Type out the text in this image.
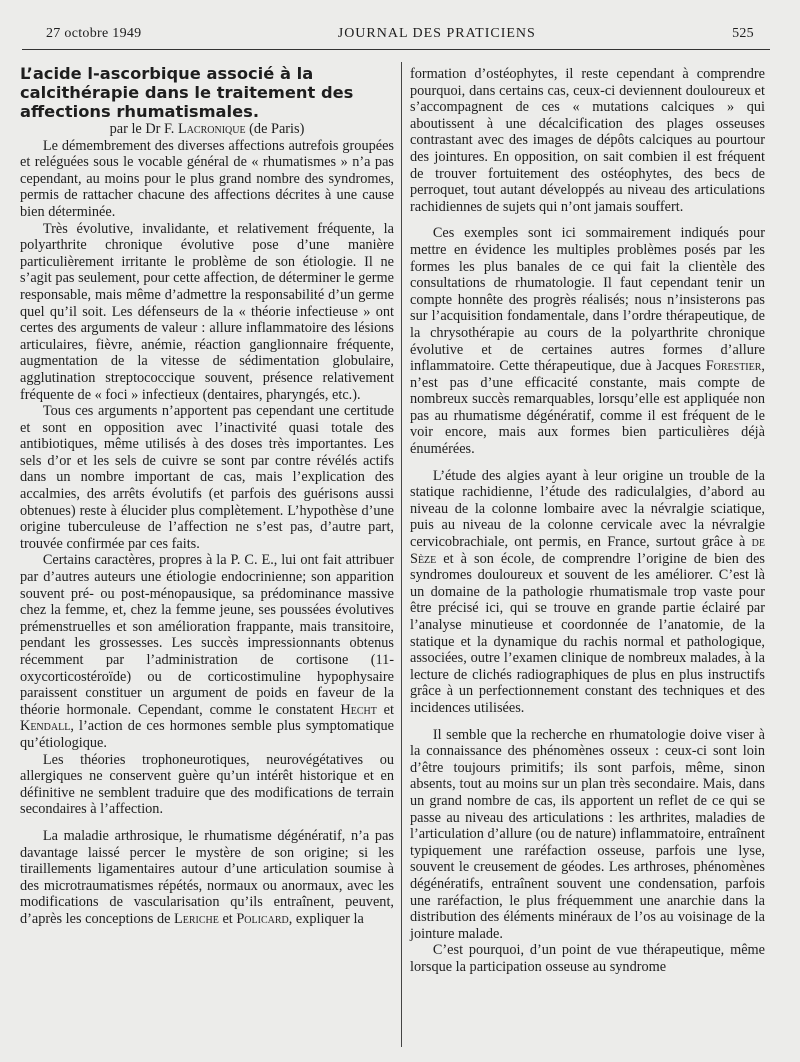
27 octobre 1949	JOURNAL DES PRATICIENS	525

L’acide l-ascorbique associé à la calcithérapie dans le traitement des affections rhumatismales.

par le Dr F. Lacronique (de Paris)

Le démembrement des diverses affections autrefois groupées et reléguées sous le vocable général de « rhumatismes » n’a pas cependant, au moins pour le plus grand nombre des syndromes, permis de rattacher chacune des affections décrites à une cause bien déterminée.

Très évolutive, invalidante, et relativement fréquente, la polyarthrite chronique évolutive pose d’une manière particulièrement irritante le problème de son étiologie. Il ne s’agit pas seulement, pour cette affection, de déterminer le germe responsable, mais même d’admettre la responsabilité d’un germe quel qu’il soit. Les défenseurs de la « théorie infectieuse » ont certes des arguments de valeur : allure inflammatoire des lésions articulaires, fièvre, anémie, réaction ganglionnaire fréquente, augmentation de la vitesse de sédimentation globulaire, agglutination streptococcique souvent, présence relativement fréquente de « foci » infectieux (dentaires, pharyngés, etc.).

Tous ces arguments n’apportent pas cependant une certitude et sont en opposition avec l’inactivité quasi totale des antibiotiques, même utilisés à des doses très importantes. Les sels d’or et les sels de cuivre se sont par contre révélés actifs dans un nombre important de cas, mais l’explication des accalmies, des arrêts évolutifs (et parfois des guérisons aussi obtenues) reste à élucider plus complètement. L’hypothèse d’une origine tuberculeuse de l’affection ne s’est pas, d’autre part, trouvée confirmée par ces faits.

Certains caractères, propres à la P. C. E., lui ont fait attribuer par d’autres auteurs une étiologie endocrinienne; son apparition souvent pré- ou post-ménopausique, sa prédominance massive chez la femme, et, chez la femme jeune, ses poussées évolutives prémenstruelles et son amélioration frappante, mais transitoire, pendant les grossesses. Les succès impressionnants obtenus récemment par l’administration de cortisone (11-oxycorticostéroïde) ou de corticostimuline hypophysaire paraissent constituer un argument de poids en faveur de la théorie hormonale. Cependant, comme le constatent Hecht et Kendall, l’action de ces hormones semble plus symptomatique qu’étiologique.

Les théories trophoneurotiques, neurovégétatives ou allergiques ne conservent guère qu’un intérêt historique et en définitive ne semblent traduire que des modifications de terrain secondaires à l’affection.

La maladie arthrosique, le rhumatisme dégénératif, n’a pas davantage laissé percer le mystère de son origine; si les tiraillements ligamentaires autour d’une articulation soumise à des microtraumatismes répétés, normaux ou anormaux, avec les modifications de vascularisation qu’ils entraînent, peuvent, d’après les conceptions de Leriche et Policard, expliquer la

formation d’ostéophytes, il reste cependant à comprendre pourquoi, dans certains cas, ceux-ci deviennent douloureux et s’accompagnent de ces « mutations calciques » qui aboutissent à une décalcification des plages osseuses contrastant avec des images de dépôts calciques au pourtour des jointures. En opposition, on sait combien il est fréquent de trouver fortuitement des ostéophytes, des becs de perroquet, tout autant développés au niveau des articulations rachidiennes de sujets qui n’ont jamais souffert.

Ces exemples sont ici sommairement indiqués pour mettre en évidence les multiples problèmes posés par les formes les plus banales de ce qui fait la clientèle des consultations de rhumatologie. Il faut cependant tenir un compte honnête des progrès réalisés; nous n’insisterons pas sur l’acquisition fondamentale, dans l’ordre thérapeutique, de la chrysothérapie au cours de la polyarthrite chronique évolutive et de certaines autres formes d’allure inflammatoire. Cette thérapeutique, due à Jacques Forestier, n’est pas d’une efficacité constante, mais compte de nombreux succès remarquables, lorsqu’elle est appliquée non pas au rhumatisme dégénératif, comme il est fréquent de le voir encore, mais aux formes bien particulières déjà énumérées.

L’étude des algies ayant à leur origine un trouble de la statique rachidienne, l’étude des radiculalgies, d’abord au niveau de la colonne lombaire avec la névralgie sciatique, puis au niveau de la colonne cervicale avec la névralgie cervicobrachiale, ont permis, en France, surtout grâce à de Sèze et à son école, de comprendre l’origine de bien des syndromes douloureux et souvent de les améliorer. C’est là un domaine de la pathologie rhumatismale trop vaste pour être précisé ici, qui se trouve en grande partie éclairé par l’analyse minutieuse et coordonnée de l’anatomie, de la statique et la dynamique du rachis normal et pathologique, associées, outre l’examen clinique de nombreux malades, à la lecture de clichés radiographiques de plus en plus instructifs grâce à un perfectionnement constant des techniques et des incidences utilisées.

Il semble que la recherche en rhumatologie doive viser à la connaissance des phénomènes osseux : ceux-ci sont loin d’être toujours primitifs; ils sont parfois, même, sinon absents, tout au moins sur un plan très secondaire. Mais, dans un grand nombre de cas, ils apportent un reflet de ce qui se passe au niveau des articulations : les arthrites, maladies de l’articulation d’allure (ou de nature) inflammatoire, entraînent typiquement une raréfaction osseuse, parfois une lyse, souvent le creusement de géodes. Les arthroses, phénomènes dégénératifs, entraînent souvent une condensation, parfois une raréfaction, le plus fréquemment une anarchie dans la distribution des éléments minéraux de l’os au voisinage de la jointure malade.

C’est pourquoi, d’un point de vue thérapeutique, même lorsque la participation osseuse au syndrome
